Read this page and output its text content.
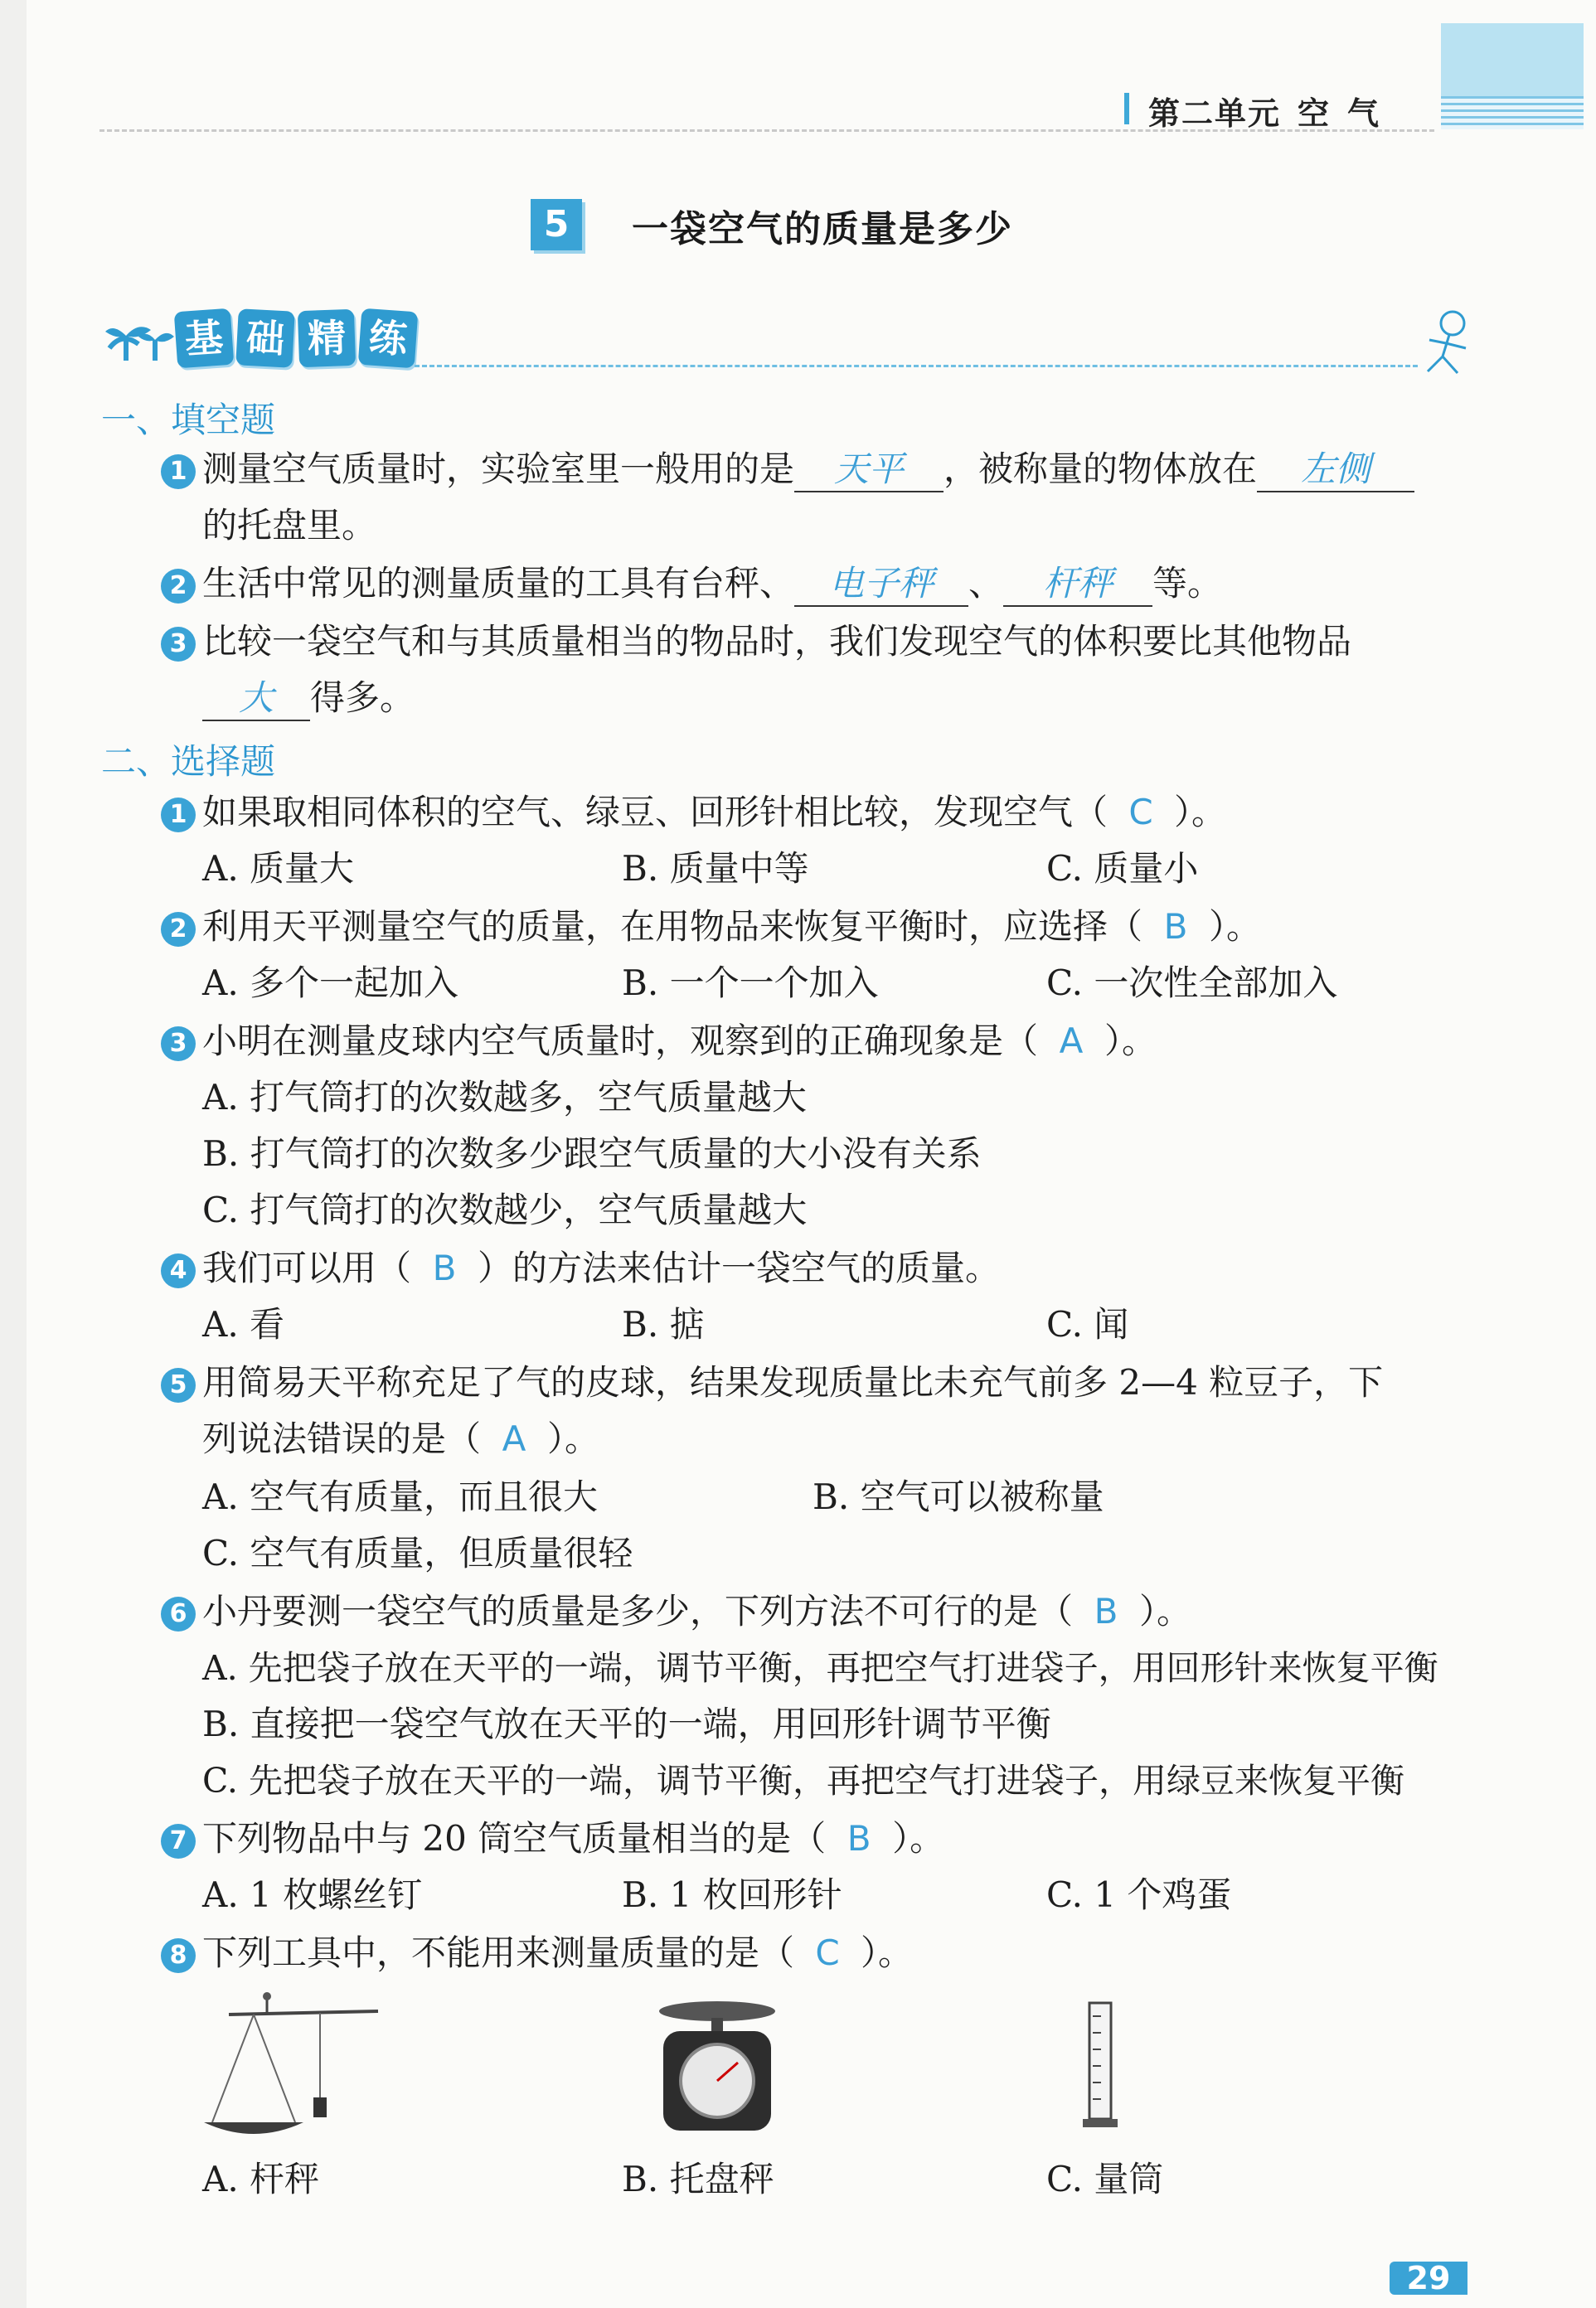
第二单元 空 气
5	一袋空气的质量是多少
基 础 精 练
一、填空题
1 测量空气质量时，实验室里一般用的是 天平 ，被称量的物体放在 左侧
的托盘里。
2 生活中常见的测量质量的工具有台秤、 电子秤 、 杆秤 等。
3 比较一袋空气和与其质量相当的物品时，我们发现空气的体积要比其他物品
大 得多。
二、选择题
1 如果取相同体积的空气、绿豆、回形针相比较，发现空气（ C ）。
A. 质量大	B. 质量中等	C. 质量小
2 利用天平测量空气的质量，在用物品来恢复平衡时，应选择（ B ）。
A. 多个一起加入	B. 一个一个加入	C. 一次性全部加入
3 小明在测量皮球内空气质量时，观察到的正确现象是（ A ）。
A. 打气筒打的次数越多，空气质量越大
B. 打气筒打的次数多少跟空气质量的大小没有关系
C. 打气筒打的次数越少，空气质量越大
4 我们可以用（ B ）的方法来估计一袋空气的质量。
A. 看	B. 掂	C. 闻
5 用简易天平称充足了气的皮球，结果发现质量比未充气前多 2—4 粒豆子，下
列说法错误的是（ A ）。
A. 空气有质量，而且很大	B. 空气可以被称量
C. 空气有质量，但质量很轻
6 小丹要测一袋空气的质量是多少，下列方法不可行的是（ B ）。
A. 先把袋子放在天平的一端，调节平衡，再把空气打进袋子，用回形针来恢复平衡
B. 直接把一袋空气放在天平的一端，用回形针调节平衡
C. 先把袋子放在天平的一端，调节平衡，再把空气打进袋子，用绿豆来恢复平衡
7 下列物品中与 20 筒空气质量相当的是（ B ）。
A. 1 枚螺丝钉	B. 1 枚回形针	C. 1 个鸡蛋
8 下列工具中，不能用来测量质量的是（ C ）。
A. 杆秤	B. 托盘秤	C. 量筒
29
